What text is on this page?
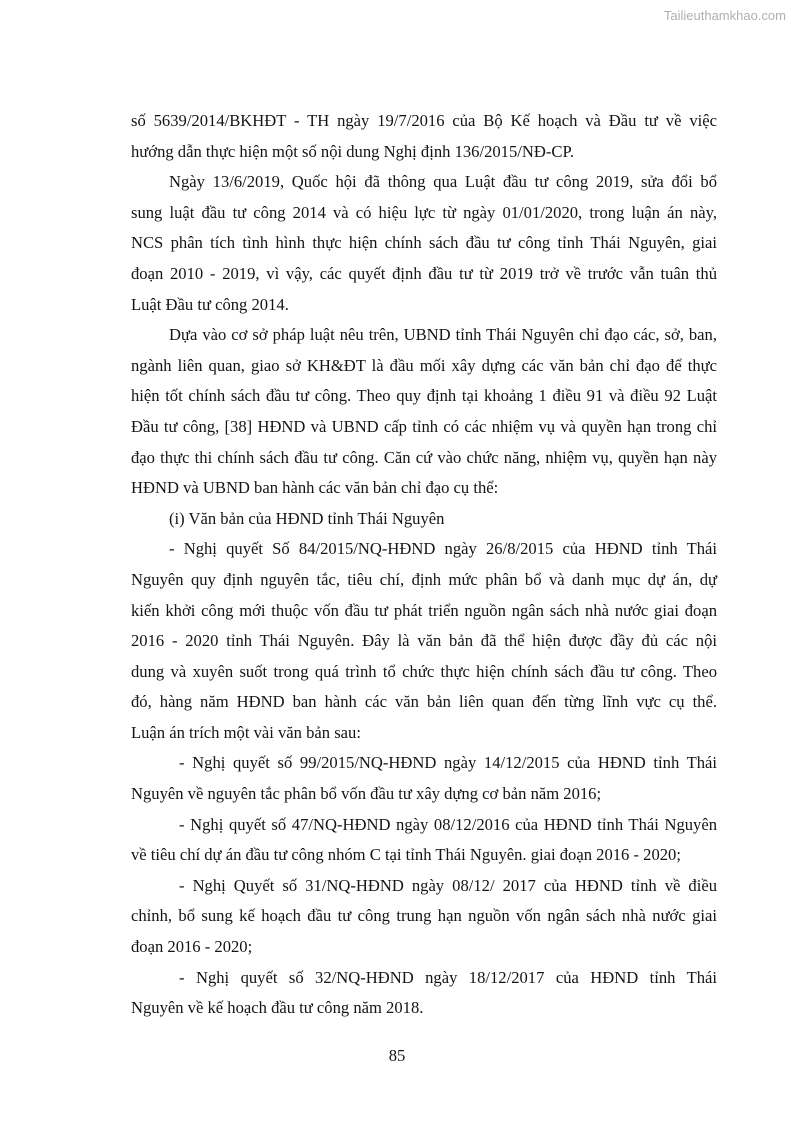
Tailieuthamkhao.com

số 5639/2014/BKHĐT - TH ngày 19/7/2016 của Bộ Kế hoạch và Đầu tư về việc

hướng dẫn thực hiện một số nội dung Nghị định 136/2015/NĐ-CP.

Ngày 13/6/2019, Quốc hội đã thông qua Luật đầu tư công 2019, sửa đổi bổ

sung luật đầu tư công 2014 và có hiệu lực từ ngày 01/01/2020, trong luận án này,

NCS phân tích tình hình thực hiện chính sách đầu tư công tỉnh Thái Nguyên, giai

đoạn 2010 - 2019, vì vậy, các quyết định đầu tư từ 2019 trở về trước vẫn tuân thủ

Luật Đầu tư công 2014.

Dựa vào cơ sở pháp luật nêu trên, UBND tỉnh Thái Nguyên chỉ đạo các, sở, ban,

ngành liên quan, giao sở KH&ĐT là đầu mối xây dựng các văn bản chỉ đạo để thực

hiện tốt chính sách đầu tư công. Theo quy định tại khoảng 1 điều 91 và điều 92 Luật

Đầu tư công, [38] HĐND và UBND cấp tỉnh có các nhiệm vụ và quyền hạn trong chỉ

đạo thực thi chính sách đầu tư công. Căn cứ vào chức năng, nhiệm vụ, quyền hạn này

HĐND và UBND ban hành các văn bản chỉ đạo cụ thể:

(i) Văn bản của HĐND tỉnh Thái Nguyên

- Nghị quyết Số 84/2015/NQ-HĐND ngày 26/8/2015 của HĐND tỉnh Thái

Nguyên quy định nguyên tắc, tiêu chí, định mức phân bổ và danh mục dự án, dự

kiến khởi công mới thuộc vốn đầu tư phát triển nguồn ngân sách nhà nước giai đoạn

2016 - 2020 tỉnh Thái Nguyên. Đây là văn bản đã thể hiện được đầy đủ các nội

dung và xuyên suốt trong quá trình tổ chức thực hiện chính sách đầu tư công. Theo

đó, hàng năm HĐND ban hành các văn bản liên quan đến từng lĩnh vực cụ thể.

Luận án trích một vài văn bản sau:

- Nghị quyết số 99/2015/NQ-HĐND ngày 14/12/2015 của HĐND tỉnh Thái

Nguyên về nguyên tắc phân bổ vốn đầu tư xây dựng cơ bản năm 2016;

- Nghị quyết số 47/NQ-HĐND ngày 08/12/2016 của HĐND tỉnh Thái Nguyên

về tiêu chí dự án đầu tư công nhóm C tại tỉnh Thái Nguyên. giai đoạn 2016 - 2020;

- Nghị Quyết số 31/NQ-HĐND ngày 08/12/ 2017 của HĐND tỉnh về điều

chỉnh, bổ sung kế hoạch đầu tư công trung hạn nguồn vốn ngân sách nhà nước giai

đoạn 2016 - 2020;

- Nghị quyết số 32/NQ-HĐND ngày 18/12/2017 của HĐND tỉnh Thái

Nguyên về kế hoạch đầu tư công năm 2018.

85
